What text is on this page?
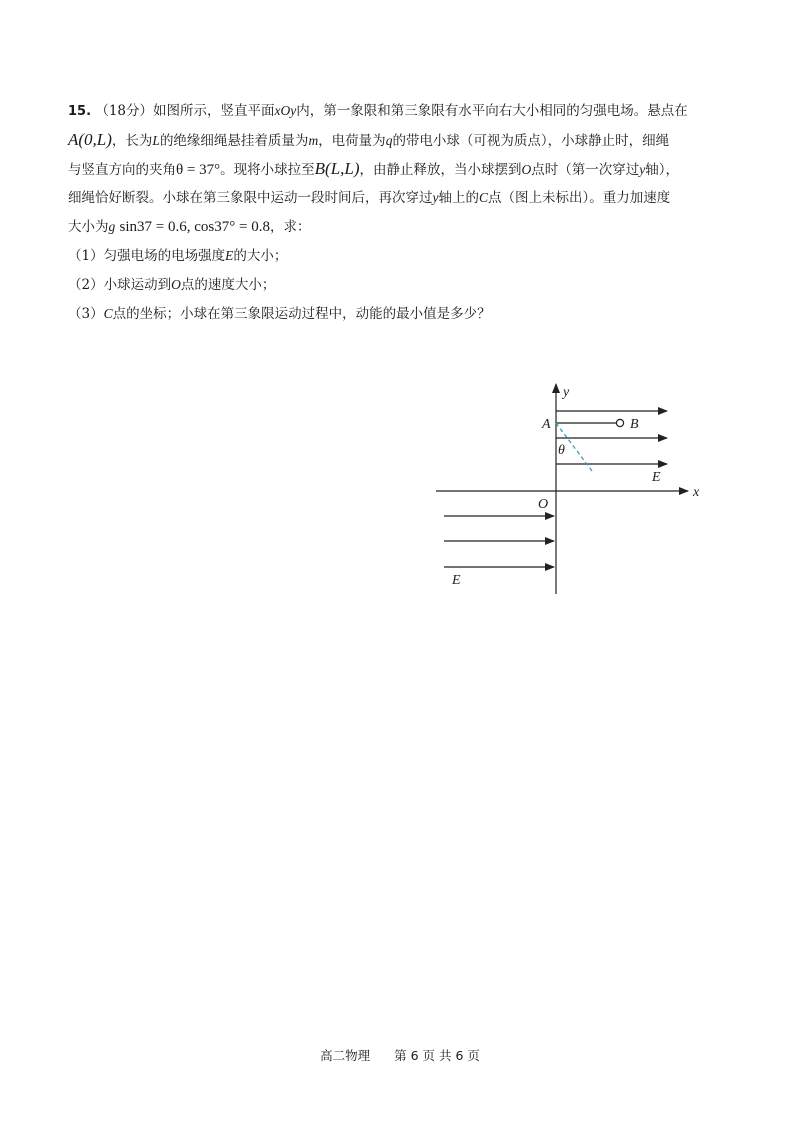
15. （18分）如图所示，竖直平面xOy内，第一象限和第三象限有水平向右大小相同的匀强电场。悬点在
A(0,L)，长为L的绝缘细绳悬挂着质量为m，电荷量为q的带电小球（可视为质点），小球静止时，细绳
与竖直方向的夹角θ = 37°。现将小球拉至B(L,L)，由静止释放，当小球摆到O点时（第一次穿过y轴），
细绳恰好断裂。小球在第三象限中运动一段时间后，再次穿过y轴上的C点（图上未标出）。重力加速度
大小为g sin37 = 0.6, cos37° = 0.8，求：
（1）匀强电场的电场强度E的大小；
（2）小球运动到O点的速度大小；
（3）C点的坐标；小球在第三象限运动过程中，动能的最小值是多少？
y
x
A	B
θ
E
O
E
高二物理 第 6 页 共 6 页
